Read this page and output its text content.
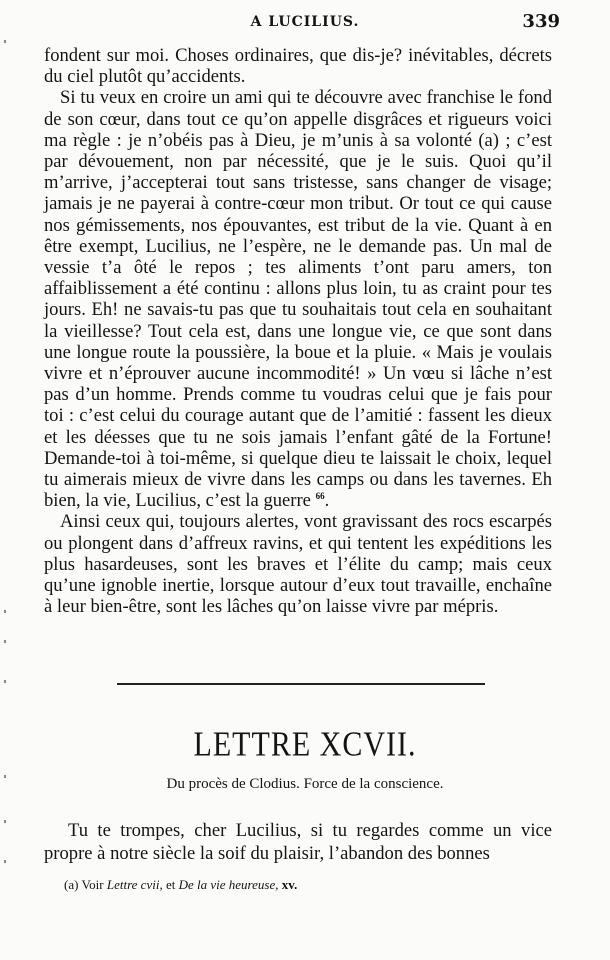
A LUCILIUS.	339

fondent sur moi. Choses ordinaires, que dis-je? inévitables, décrets du ciel plutôt qu’accidents.

Si tu veux en croire un ami qui te découvre avec franchise le fond de son cœur, dans tout ce qu’on appelle disgrâces et rigueurs voici ma règle : je n’obéis pas à Dieu, je m’unis à sa volonté (a) ; c’est par dévouement, non par nécessité, que je le suis. Quoi qu’il m’arrive, j’accepterai tout sans tristesse, sans changer de visage; jamais je ne payerai à contre-cœur mon tribut. Or tout ce qui cause nos gémissements, nos épouvantes, est tribut de la vie. Quant à en être exempt, Lucilius, ne l’espère, ne le demande pas. Un mal de vessie t’a ôté le repos ; tes aliments t’ont paru amers, ton affaiblissement a été continu : allons plus loin, tu as craint pour tes jours. Eh! ne savais-tu pas que tu souhaitais tout cela en souhaitant la vieillesse? Tout cela est, dans une longue vie, ce que sont dans une longue route la poussière, la boue et la pluie. « Mais je voulais vivre et n’éprouver aucune incommodité! » Un vœu si lâche n’est pas d’un homme. Prends comme tu voudras celui que je fais pour toi : c’est celui du courage autant que de l’amitié : fassent les dieux et les déesses que tu ne sois jamais l’enfant gâté de la Fortune! Demande-toi à toi-même, si quelque dieu te laissait le choix, lequel tu aimerais mieux de vivre dans les camps ou dans les tavernes. Eh bien, la vie, Lucilius, c’est la guerre $^{66}$.

Ainsi ceux qui, toujours alertes, vont gravissant des rocs escarpés ou plongent dans d’affreux ravins, et qui tentent les expéditions les plus hasardeuses, sont les braves et l’élite du camp; mais ceux qu’une ignoble inertie, lorsque autour d’eux tout travaille, enchaîne à leur bien-être, sont les lâches qu’on laisse vivre par mépris.

LETTRE XCVII.
Du procès de Clodius. Force de la conscience.

Tu te trompes, cher Lucilius, si tu regardes comme un vice propre à notre siècle la soif du plaisir, l’abandon des bonnes

(a) Voir Lettre cvii, et De la vie heureuse, xv.
